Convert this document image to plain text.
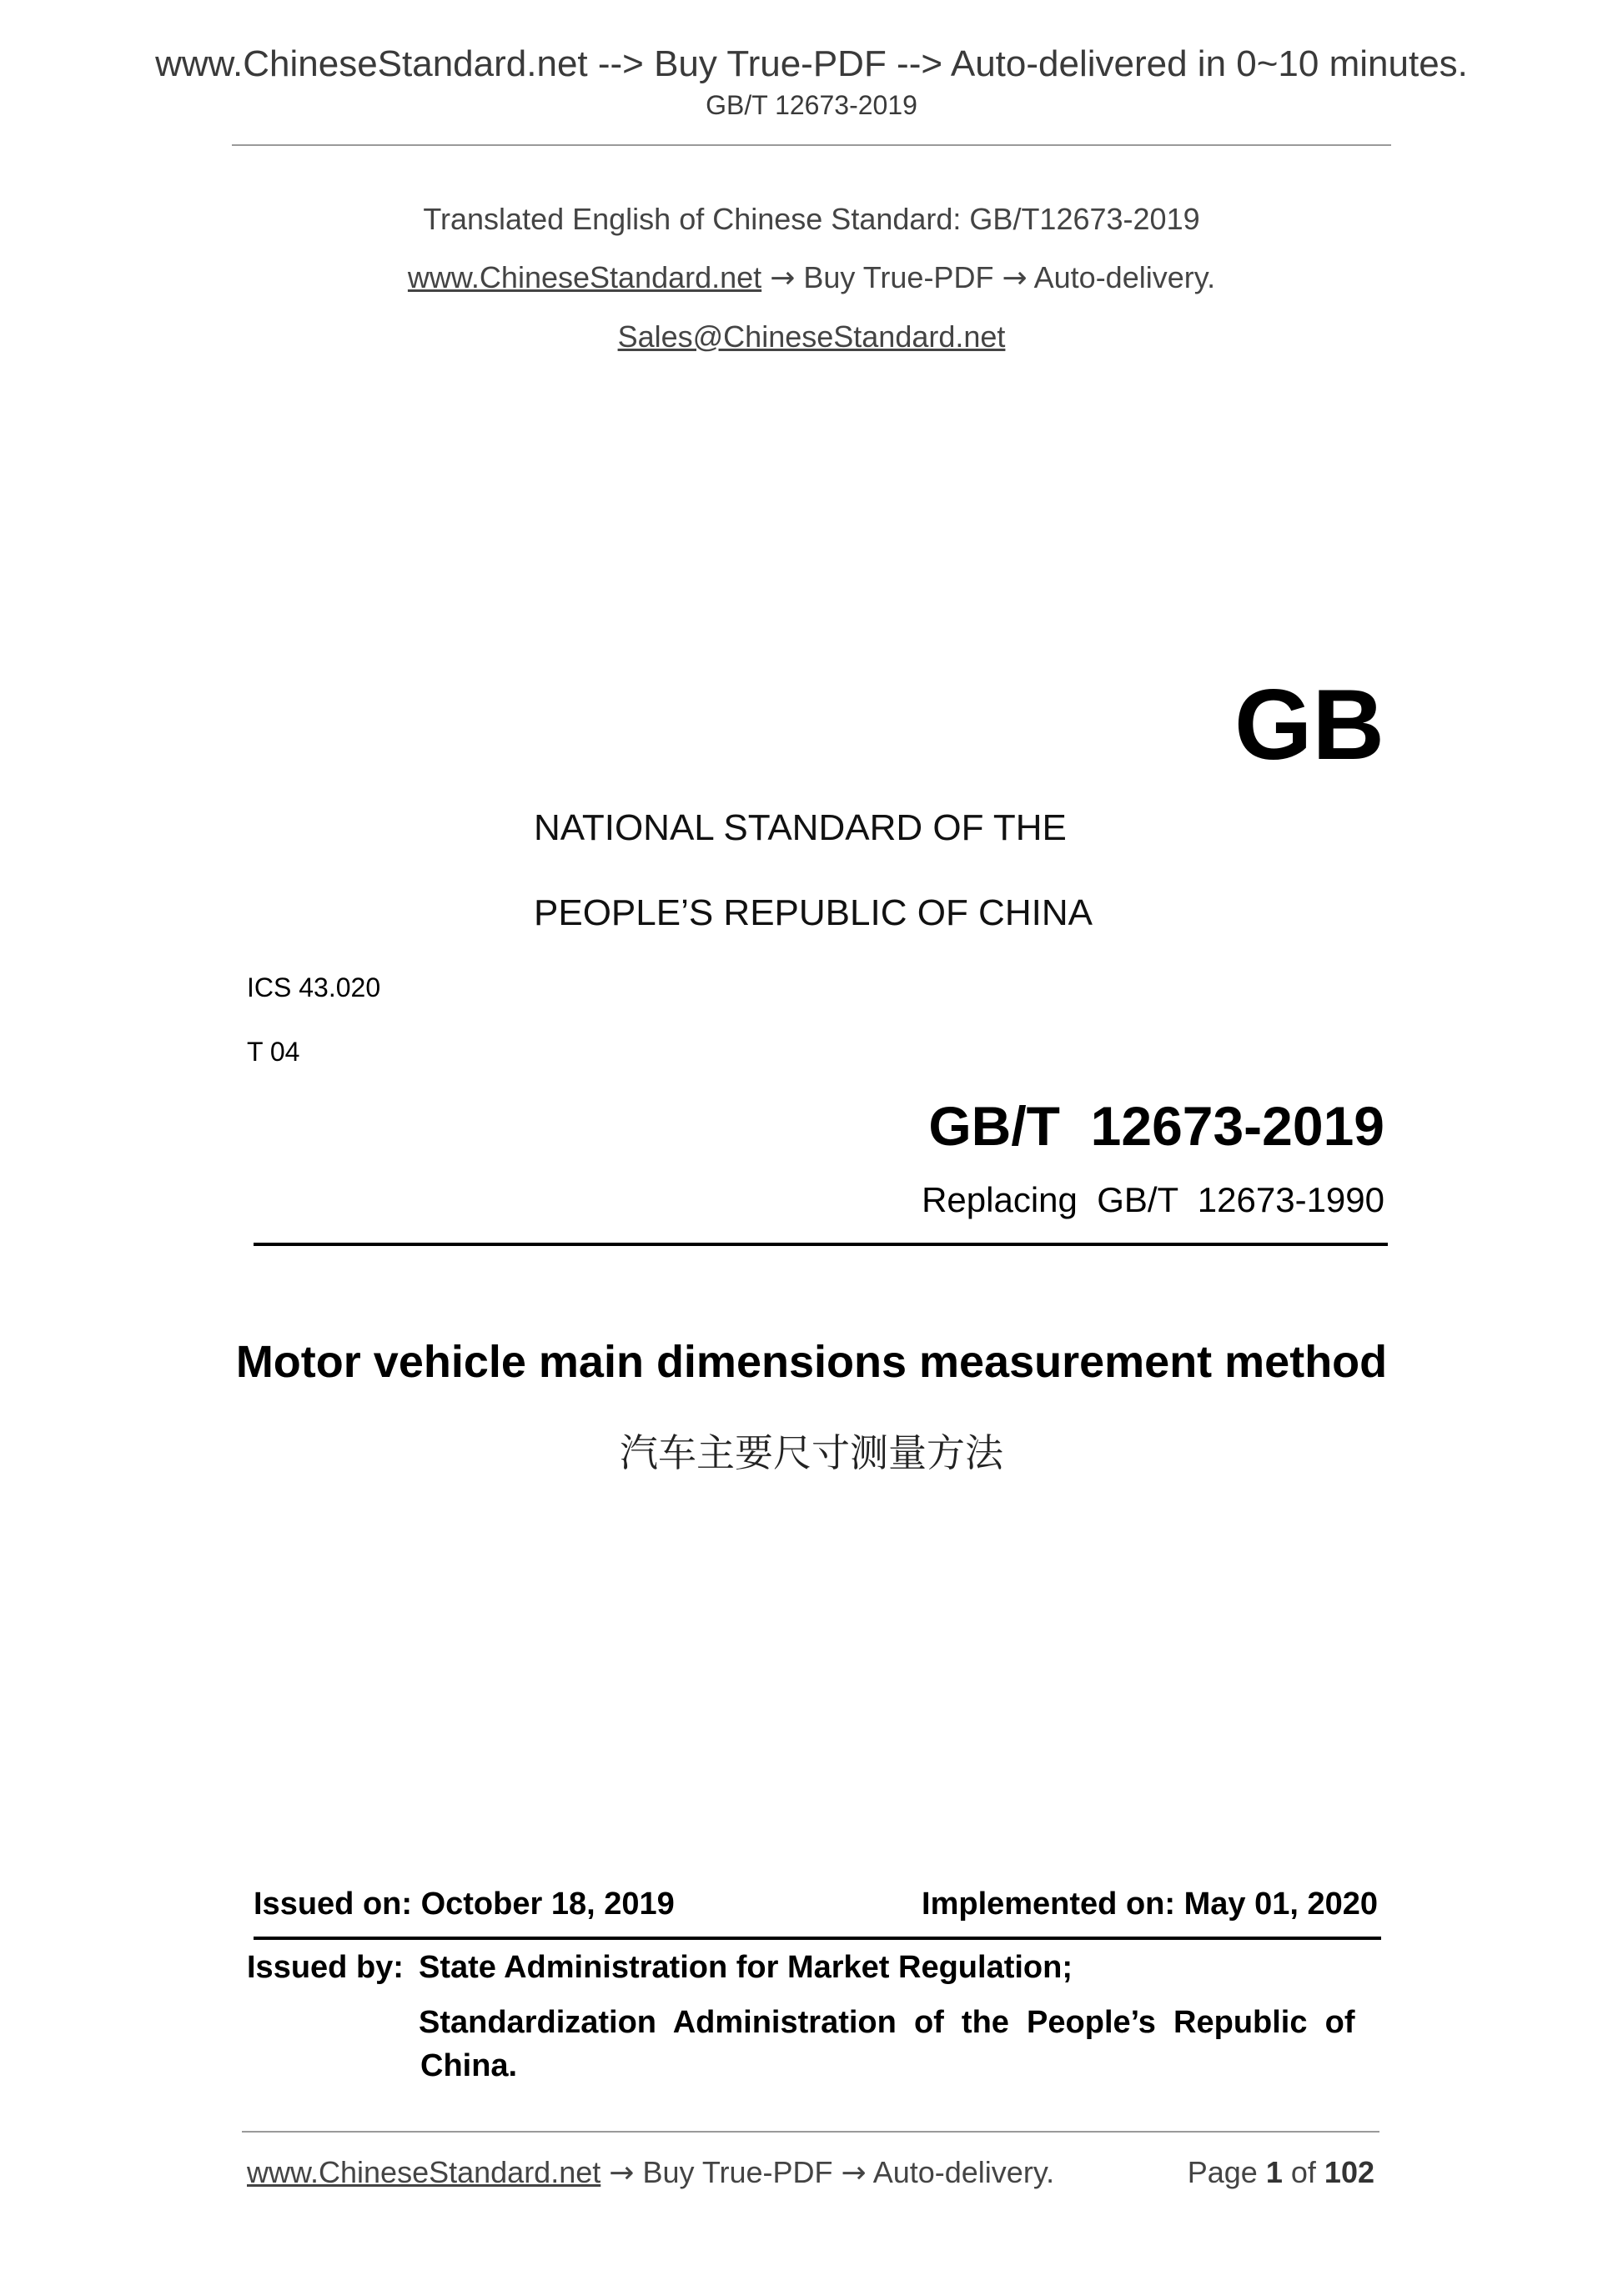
www.ChineseStandard.net --> Buy True-PDF --> Auto-delivered in 0~10 minutes.
GB/T 12673-2019
Translated English of Chinese Standard: GB/T12673-2019
www.ChineseStandard.net → Buy True-PDF → Auto-delivery.
Sales@ChineseStandard.net
GB
NATIONAL STANDARD OF THE
PEOPLE’S REPUBLIC OF CHINA
ICS 43.020
T 04
GB/T  12673-2019
Replacing  GB/T  12673-1990
Motor vehicle main dimensions measurement method
汽车主要尺寸测量方法
Issued on: October 18, 2019	Implemented on: May 01, 2020
Issued by: State Administration for Market Regulation;
Standardization  Administration  of  the  People’s  Republic  of
China.
www.ChineseStandard.net → Buy True-PDF → Auto-delivery.	Page 1 of 102
